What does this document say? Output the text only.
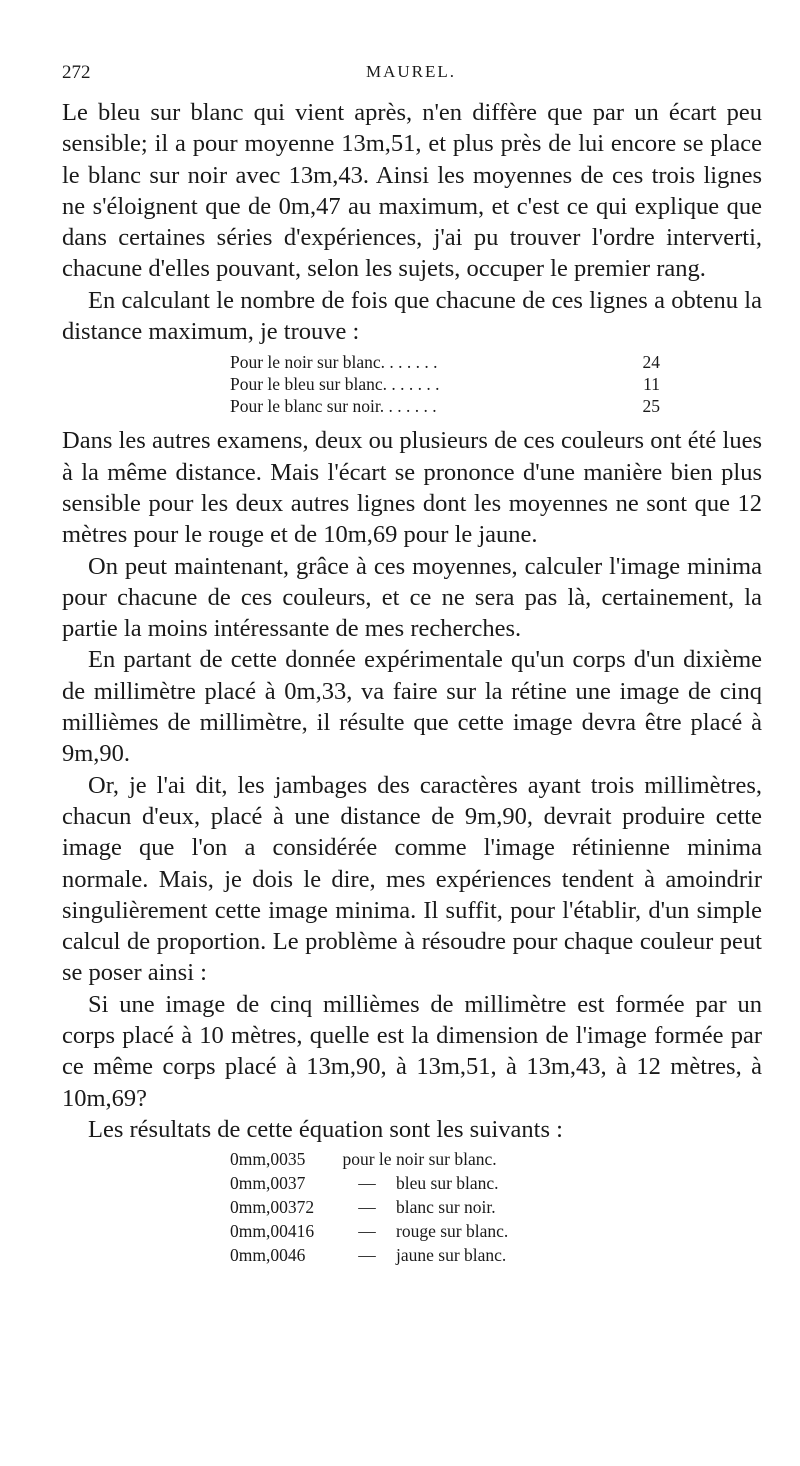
272	MAUREL.

Le bleu sur blanc qui vient après, n'en diffère que par un écart peu sensible; il a pour moyenne 13m,51, et plus près de lui encore se place le blanc sur noir avec 13m,43. Ainsi les moyennes de ces trois lignes ne s'éloignent que de 0m,47 au maximum, et c'est ce qui explique que dans certaines séries d'expériences, j'ai pu trouver l'ordre interverti, chacune d'elles pouvant, selon les sujets, occuper le premier rang.

En calculant le nombre de fois que chacune de ces lignes a obtenu la distance maximum, je trouve :

Pour le noir sur blanc. . . . . . .	24
Pour le bleu sur blanc. . . . . . .	11
Pour le blanc sur noir. . . . . . .	25

Dans les autres examens, deux ou plusieurs de ces couleurs ont été lues à la même distance. Mais l'écart se prononce d'une manière bien plus sensible pour les deux autres lignes dont les moyennes ne sont que 12 mètres pour le rouge et de 10m,69 pour le jaune.

On peut maintenant, grâce à ces moyennes, calculer l'image minima pour chacune de ces couleurs, et ce ne sera pas là, certainement, la partie la moins intéressante de mes recherches.

En partant de cette donnée expérimentale qu'un corps d'un dixième de millimètre placé à 0m,33, va faire sur la rétine une image de cinq millièmes de millimètre, il résulte que cette image devra être placé à 9m,90.

Or, je l'ai dit, les jambages des caractères ayant trois millimètres, chacun d'eux, placé à une distance de 9m,90, devrait produire cette image que l'on a considérée comme l'image rétinienne minima normale. Mais, je dois le dire, mes expériences tendent à amoindrir singulièrement cette image minima. Il suffit, pour l'établir, d'un simple calcul de proportion. Le problème à résoudre pour chaque couleur peut se poser ainsi :

Si une image de cinq millièmes de millimètre est formée par un corps placé à 10 mètres, quelle est la dimension de l'image formée par ce même corps placé à 13m,90, à 13m,51, à 13m,43, à 12 mètres, à 10m,69?

Les résultats de cette équation sont les suivants :

0mm,0035	pour le	noir sur blanc.
0mm,0037	—	bleu sur blanc.
0mm,00372	—	blanc sur noir.
0mm,00416	—	rouge sur blanc.
0mm,0046	—	jaune sur blanc.
